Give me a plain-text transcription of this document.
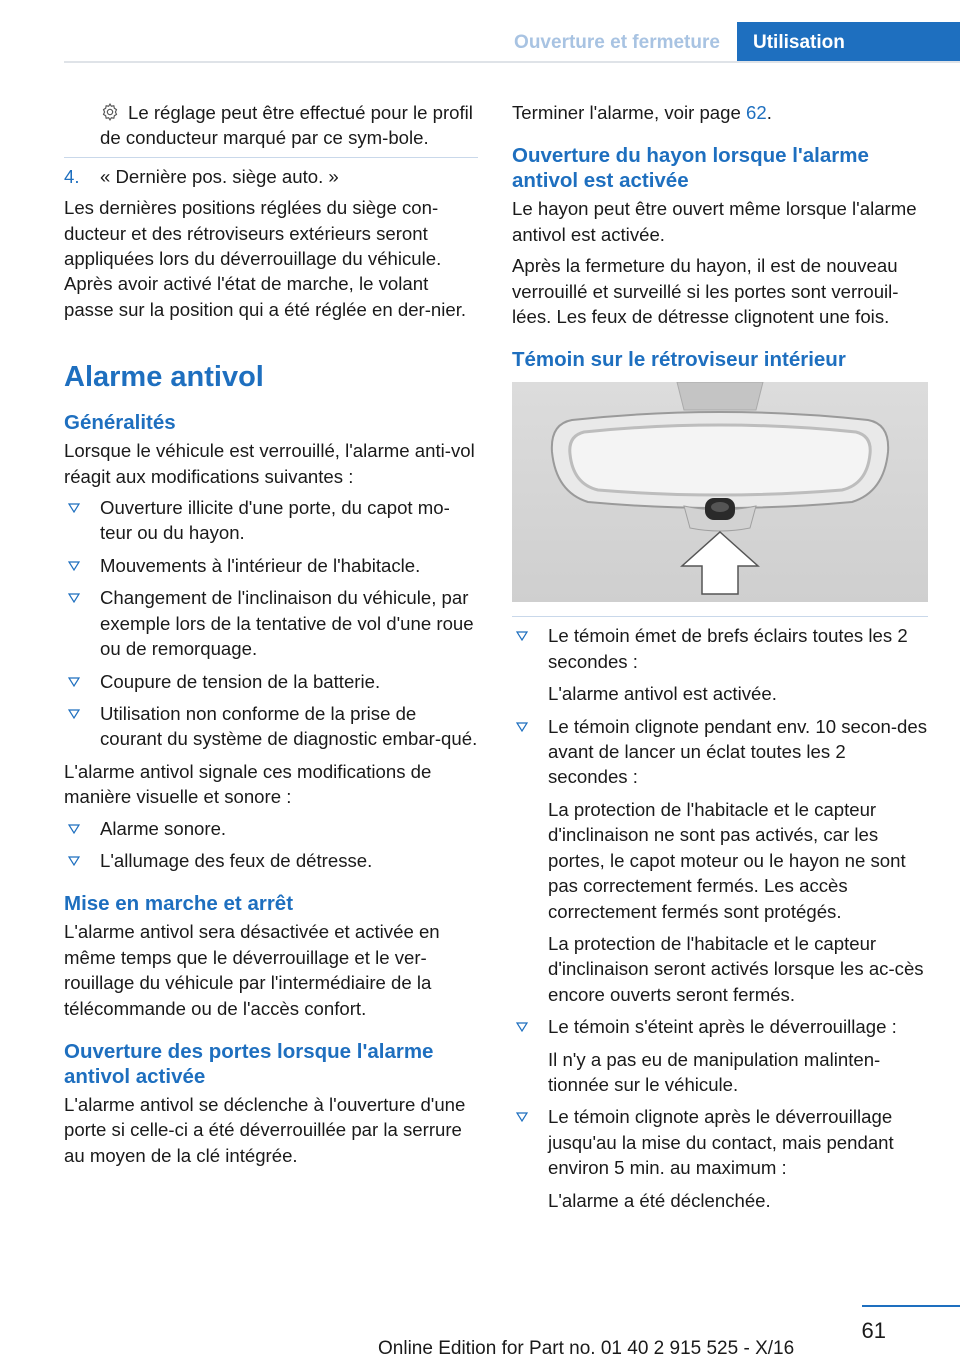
Ouverture et fermeture	Utilisation

Le réglage peut être effectué pour le profil de conducteur marqué par ce sym-bole.

4. « Dernière pos. siège auto. »

Les dernières positions réglées du siège con-ducteur et des rétroviseurs extérieurs seront appliquées lors du déverrouillage du véhicule. Après avoir activé l'état de marche, le volant passe sur la position qui a été réglée en der-nier.

Alarme antivol
Généralités

Lorsque le véhicule est verrouillé, l'alarme anti-vol réagit aux modifications suivantes :

Ouverture illicite d'une porte, du capot mo-teur ou du hayon.
Mouvements à l'intérieur de l'habitacle.
Changement de l'inclinaison du véhicule, par exemple lors de la tentative de vol d'une roue ou de remorquage.
Coupure de tension de la batterie.
Utilisation non conforme de la prise de courant du système de diagnostic embar-qué.

L'alarme antivol signale ces modifications de manière visuelle et sonore :

Alarme sonore.
L'allumage des feux de détresse.
Mise en marche et arrêt

L'alarme antivol sera désactivée et activée en même temps que le déverrouillage et le ver-rouillage du véhicule par l'intermédiaire de la télécommande ou de l'accès confort.

Ouverture des portes lorsque l'alarme antivol activée

L'alarme antivol se déclenche à l'ouverture d'une porte si celle-ci a été déverrouillée par la serrure au moyen de la clé intégrée.

Terminer l'alarme, voir page 62.

Ouverture du hayon lorsque l'alarme antivol est activée

Le hayon peut être ouvert même lorsque l'alarme antivol est activée.

Après la fermeture du hayon, il est de nouveau verrouillé et surveillé si les portes sont verrouil-lées. Les feux de détresse clignotent une fois.

Témoin sur le rétroviseur intérieur
Le témoin émet de brefs éclairs toutes les 2 secondes :
L'alarme antivol est activée.
Le témoin clignote pendant env. 10 secon-des avant de lancer un éclat toutes les 2 secondes :
La protection de l'habitacle et le capteur d'inclinaison ne sont pas activés, car les portes, le capot moteur ou le hayon ne sont pas correctement fermés. Les accès correctement fermés sont protégés.
La protection de l'habitacle et le capteur d'inclinaison seront activés lorsque les ac-cès encore ouverts seront fermés.
Le témoin s'éteint après le déverrouillage :
Il n'y a pas eu de manipulation malinten-tionnée sur le véhicule.
Le témoin clignote après le déverrouillage jusqu'au la mise du contact, mais pendant environ 5 min. au maximum :
L'alarme a été déclenchée.
61
Online Edition for Part no. 01 40 2 915 525 - X/16
